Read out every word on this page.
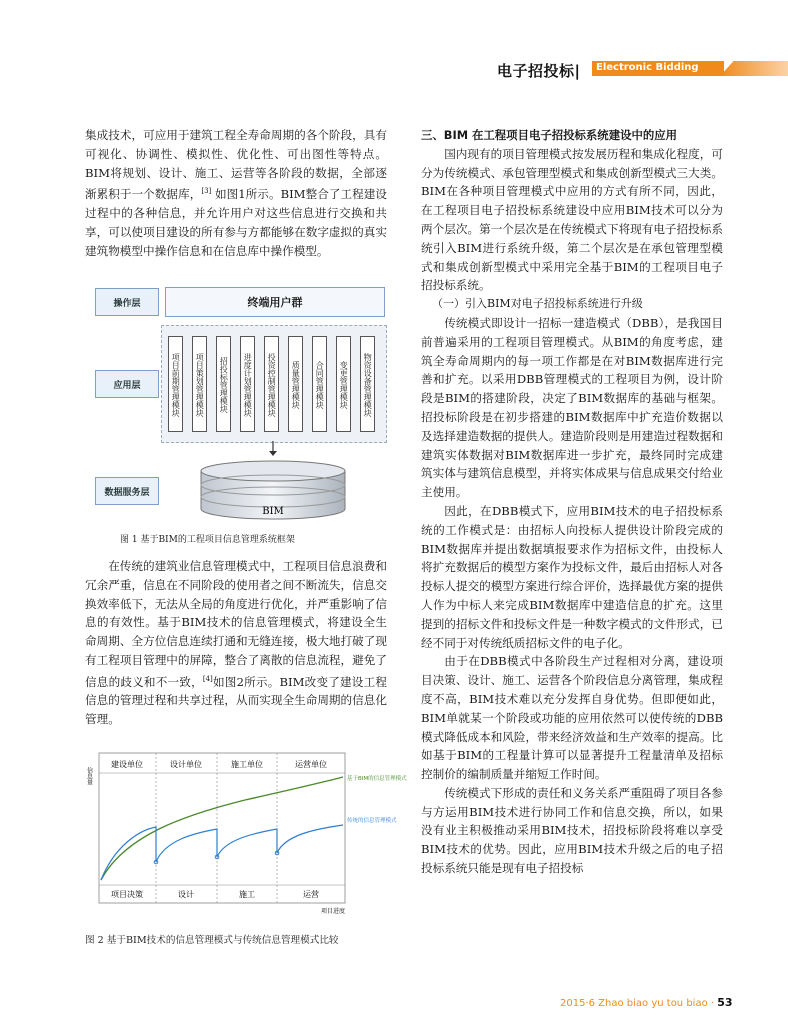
电子招投标| Electronic Bidding

集成技术，可应用于建筑工程全寿命周期的各个阶段，具有可视化、协调性、模拟性、优化性、可出图性等特点。BIM将规划、设计、施工、运营等各阶段的数据，全部逐渐累积于一个数据库，[3] 如图1所示。BIM整合了工程建设过程中的各种信息，并允许用户对这些信息进行交换和共享，可以使项目建设的所有参与方都能够在数字虚拟的真实建筑物模型中操作信息和在信息库中操作模型。

操作层	终端用户群
应用层	项目前期管理模块	项目策划管理模块	招投标管理模块	进度计划管理模块	投资控制管理模块	质量管理模块	合同管理模块	变更管理模块	物资设备管理模块
数据服务层
BIM
图 1 基于BIM的工程项目信息管理系统框架

在传统的建筑业信息管理模式中，工程项目信息浪费和冗余严重，信息在不同阶段的使用者之间不断流失，信息交换效率低下，无法从全局的角度进行优化，并严重影响了信息的有效性。基于BIM技术的信息管理模式，将建设全生命周期、全方位信息连续打通和无缝连接，极大地打破了现有工程项目管理中的屏障，整合了离散的信息流程，避免了信息的歧义和不一致，[4]如图2所示。BIM改变了建设工程信息的管理过程和共享过程，从而实现全生命周期的信息化管理。

信息量
建设单位	设计单位	施工单位	运营单位
项目决策	设计	施工	运营
项目进度
基于BIM的信息管理模式
传统的信息管理模式
图 2 基于BIM技术的信息管理模式与传统信息管理模式比较

三、BIM 在工程项目电子招投标系统建设中的应用

国内现有的项目管理模式按发展历程和集成化程度，可分为传统模式、承包管理型模式和集成创新型模式三大类。BIM在各种项目管理模式中应用的方式有所不同，因此，在工程项目电子招投标系统建设中应用BIM技术可以分为两个层次。第一个层次是在传统模式下将现有电子招投标系统引入BIM进行系统升级，第二个层次是在承包管理型模式和集成创新型模式中采用完全基于BIM的工程项目电子招投标系统。

（一）引入BIM对电子招投标系统进行升级

传统模式即设计一招标一建造模式（DBB），是我国目前普遍采用的工程项目管理模式。从BIM的角度考虑，建筑全寿命周期内的每一项工作都是在对BIM数据库进行完善和扩充。以采用DBB管理模式的工程项目为例，设计阶段是BIM的搭建阶段，决定了BIM数据库的基础与框架。招投标阶段是在初步搭建的BIM数据库中扩充造价数据以及选择建造数据的提供人。建造阶段则是用建造过程数据和建筑实体数据对BIM数据库进一步扩充，最终同时完成建筑实体与建筑信息模型，并将实体成果与信息成果交付给业主使用。

因此，在DBB模式下，应用BIM技术的电子招投标系统的工作模式是：由招标人向投标人提供设计阶段完成的BIM数据库并提出数据填报要求作为招标文件，由投标人将扩充数据后的模型方案作为投标文件，最后由招标人对各投标人提交的模型方案进行综合评价，选择最优方案的提供人作为中标人来完成BIM数据库中建造信息的扩充。这里提到的招标文件和投标文件是一种数字模式的文件形式，已经不同于对传统纸质招标文件的电子化。

由于在DBB模式中各阶段生产过程相对分离，建设项目决策、设计、施工、运营各个阶段信息分离管理，集成程度不高，BIM技术难以充分发挥自身优势。但即便如此，BIM单就某一个阶段或功能的应用依然可以使传统的DBB模式降低成本和风险，带来经济效益和生产效率的提高。比如基于BIM的工程量计算可以显著提升工程量清单及招标控制价的编制质量并缩短工作时间。

传统模式下形成的责任和义务关系严重阻碍了项目各参与方运用BIM技术进行协同工作和信息交换，所以，如果没有业主积极推动采用BIM技术，招投标阶段将难以享受BIM技术的优势。因此，应用BIM技术升级之后的电子招投标系统只能是现有电子招投标

2015·6 Zhao biao yu tou biao · 53
